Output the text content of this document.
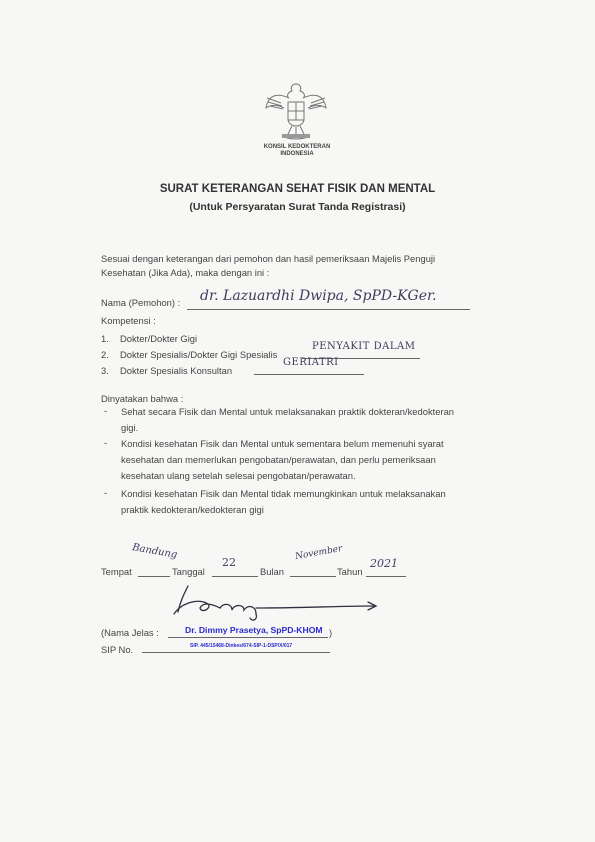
KONSIL KEDOKTERAN
INDONESIA
SURAT KETERANGAN SEHAT FISIK DAN MENTAL
(Untuk Persyaratan Surat Tanda Registrasi)
Sesuai dengan keterangan dari pemohon dan hasil pemeriksaan Majelis Penguji
Kesehatan (Jika Ada), maka dengan ini :
Nama (Pemohon) : dr. Lazuardhi Dwipa, SpPD-KGer.
Kompetensi :
1. Dokter/Dokter Gigi
2. Dokter Spesialis/Dokter Gigi Spesialis
PENYAKIT DALAM
3. Dokter Spesialis Konsultan
GERIATRI
Dinyatakan bahwa :
- Sehat secara Fisik dan Mental untuk melaksanakan praktik dokteran/kedokteran
gigi.
- Kondisi kesehatan Fisik dan Mental untuk sementara belum memenuhi syarat
kesehatan dan memerlukan pengobatan/perawatan, dan perlu pemeriksaan
kesehatan ulang setelah selesai pengobatan/perawatan.
- Kondisi kesehatan Fisik dan Mental tidak memungkinkan untuk melaksanakan
praktik kedokteran/kedokteran gigi
Tempat
Bandung
Tanggal
22
Bulan
November
Tahun
2021
(Nama Jelas :	Dr. Dimmy Prasetya, SpPD-KHOM )
SIP No.	SIP. 445/15468-Dinkes/674-SIP-1-DSP/X/017
